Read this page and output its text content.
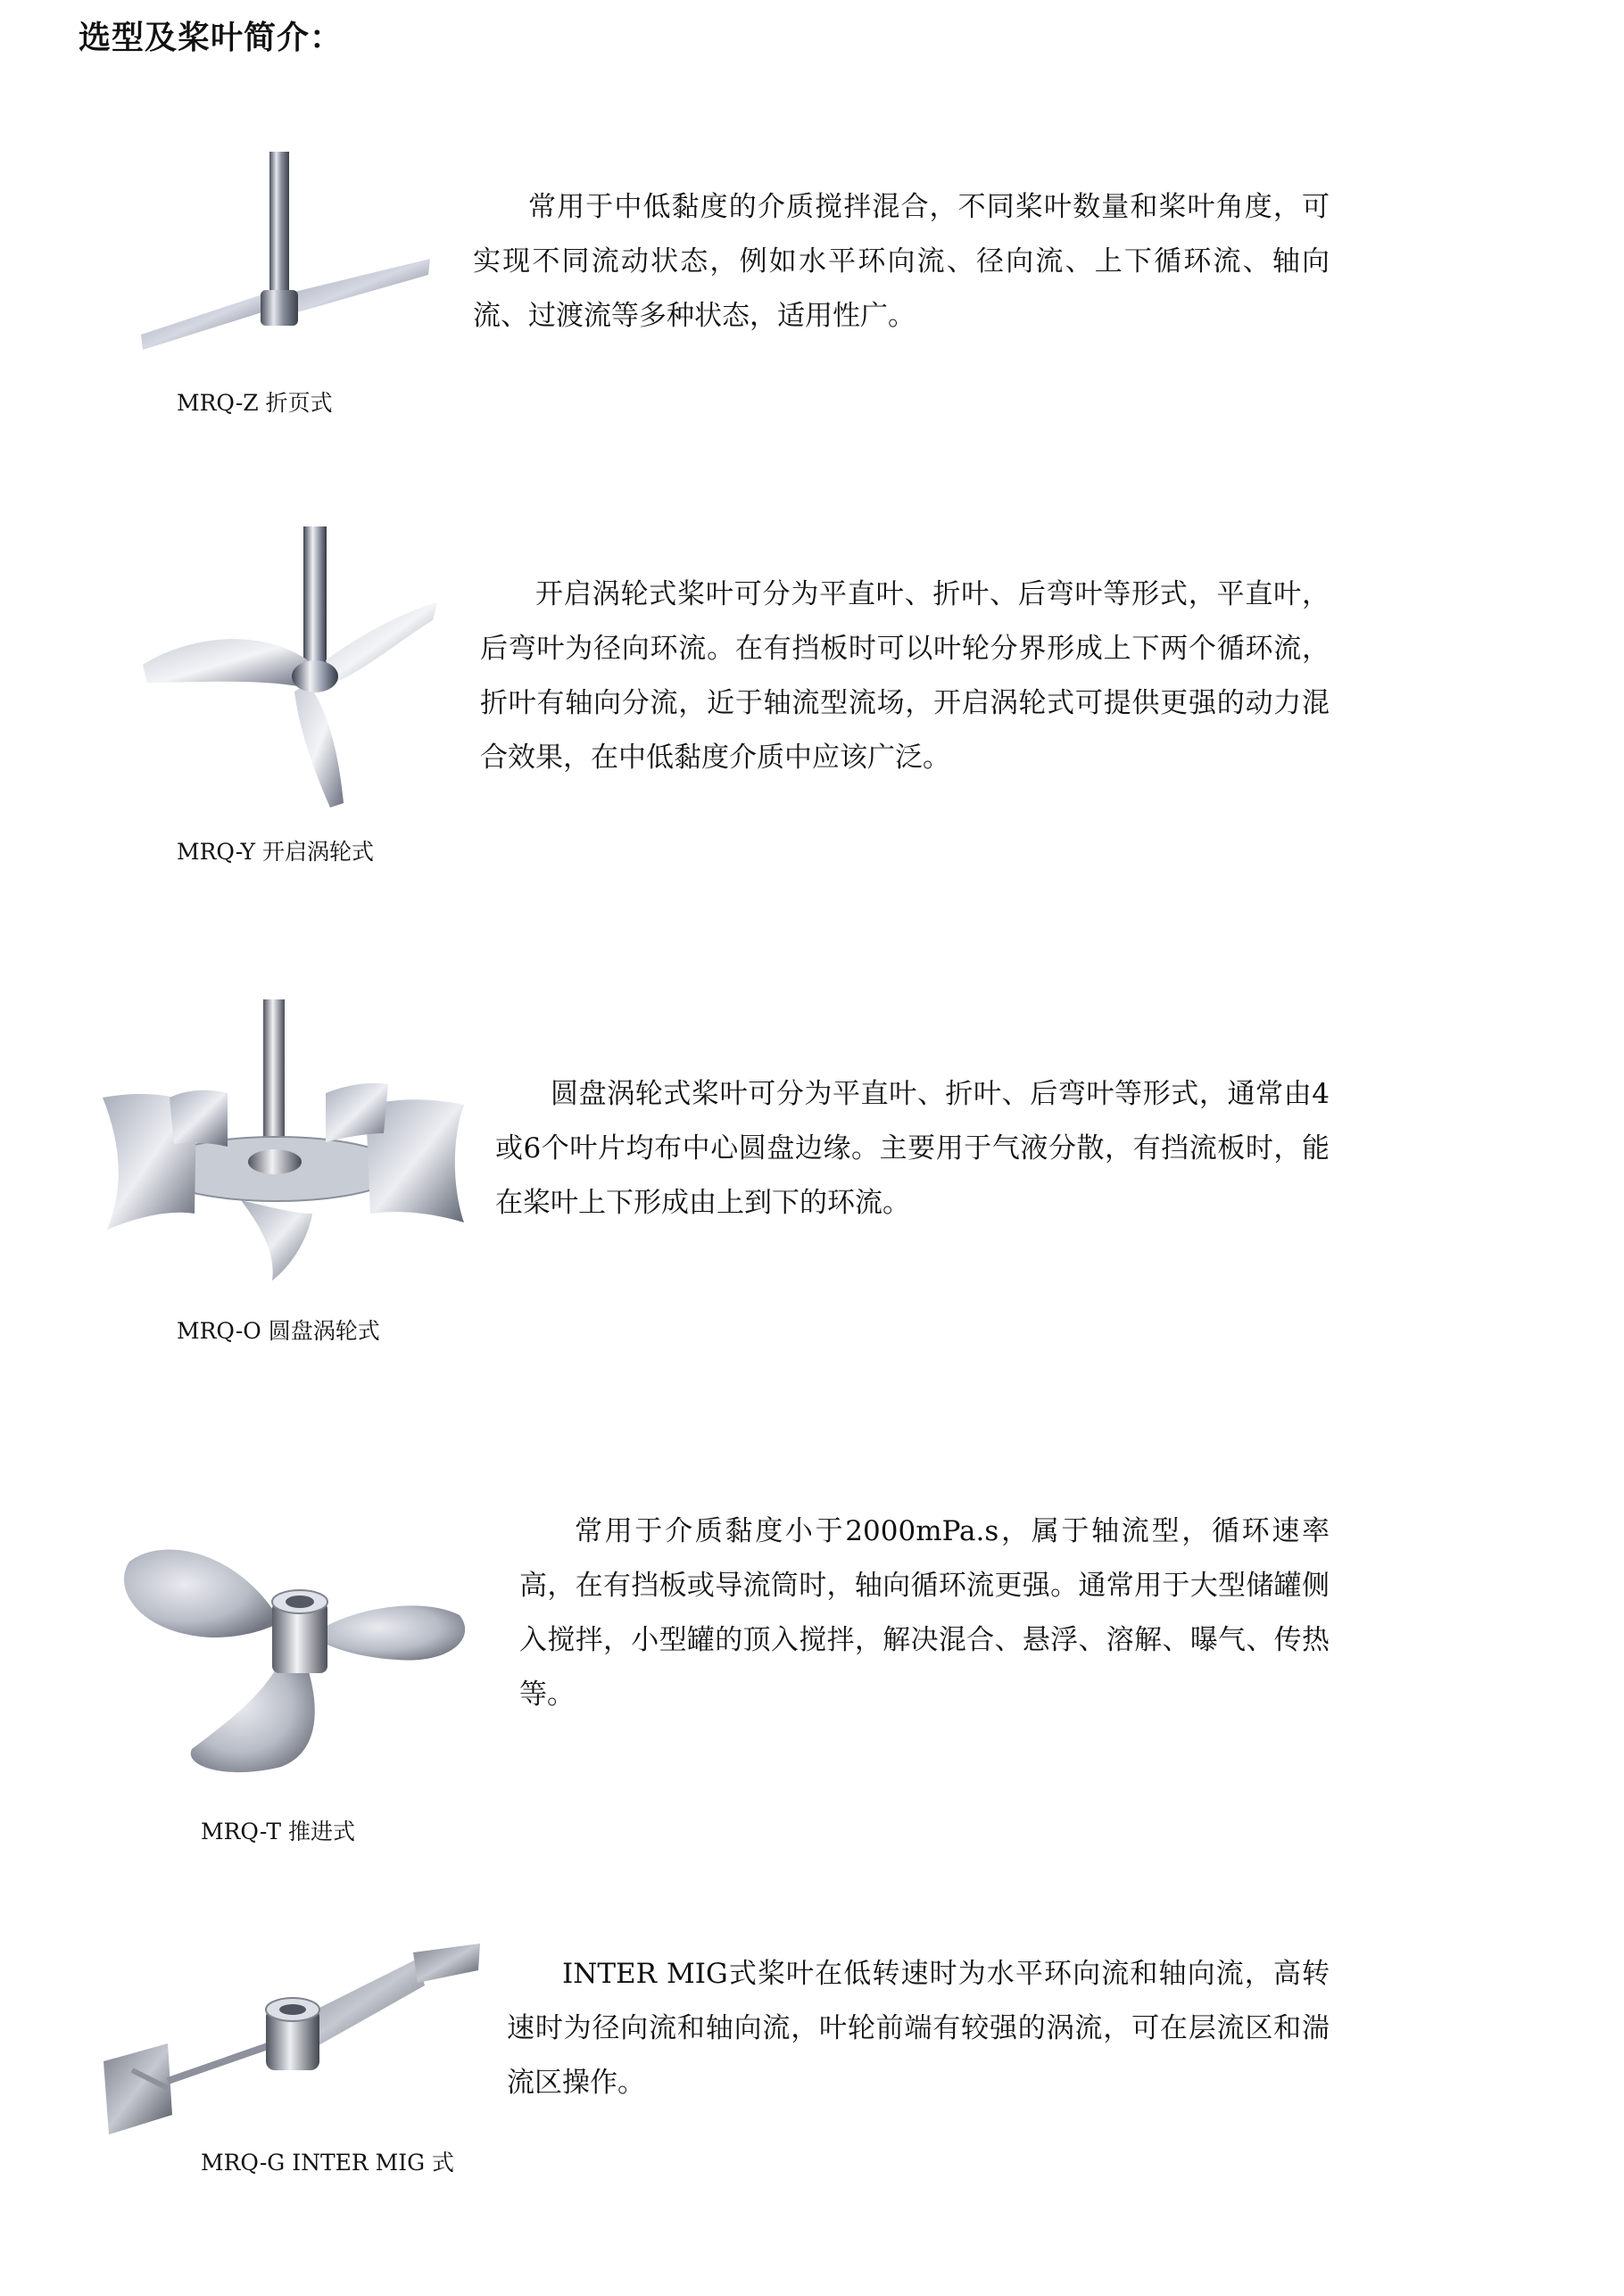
选型及桨叶简介：
MRQ-Z 折页式
常用于中低黏度的介质搅拌混合，不同桨叶数量和桨叶角度，可实现不同流动状态，例如水平环向流、径向流、上下循环流、轴向流、过渡流等多种状态，适用性广。
MRQ-Y 开启涡轮式
开启涡轮式桨叶可分为平直叶、折叶、后弯叶等形式，平直叶，后弯叶为径向环流。在有挡板时可以叶轮分界形成上下两个循环流，折叶有轴向分流，近于轴流型流场，开启涡轮式可提供更强的动力混合效果，在中低黏度介质中应该广泛。
MRQ-O 圆盘涡轮式
圆盘涡轮式桨叶可分为平直叶、折叶、后弯叶等形式，通常由4或6个叶片均布中心圆盘边缘。主要用于气液分散，有挡流板时，能在桨叶上下形成由上到下的环流。
MRQ-T 推进式
常用于介质黏度小于2000mPa.s，属于轴流型，循环速率高，在有挡板或导流筒时，轴向循环流更强。通常用于大型储罐侧入搅拌，小型罐的顶入搅拌，解决混合、悬浮、溶解、曝气、传热等。
MRQ-G INTER MIG 式
INTER MIG式桨叶在低转速时为水平环向流和轴向流，高转速时为径向流和轴向流，叶轮前端有较强的涡流，可在层流区和湍流区操作。
